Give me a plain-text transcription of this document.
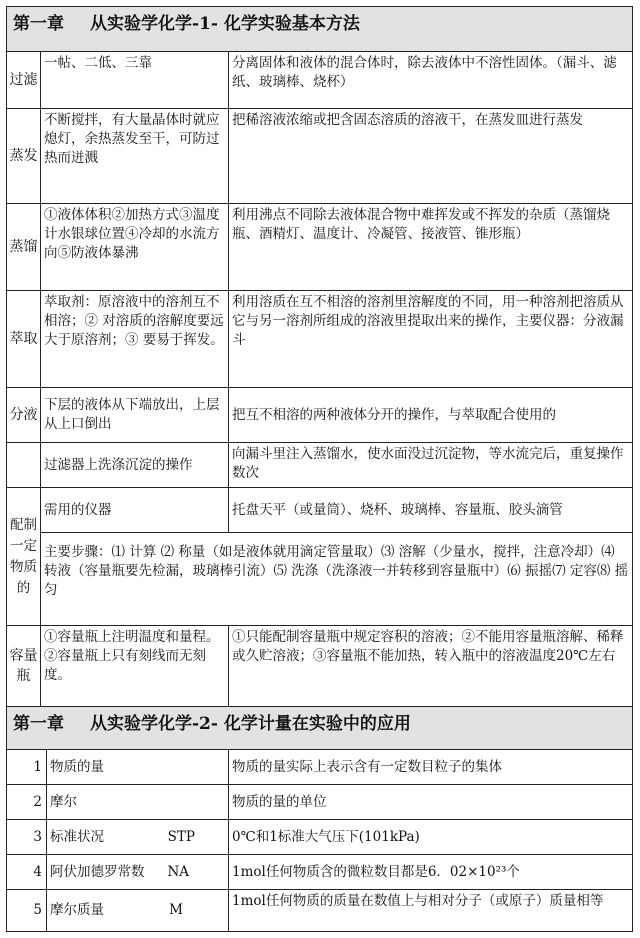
第一章 从实验学化学-1- 化学实验基本方法		
过滤	一帖、二低、三靠	分离固体和液体的混合体时，除去液体中不溶性固体。（漏斗、滤纸、玻璃棒、烧杯）
蒸发	不断搅拌，有大量晶体时就应熄灯，余热蒸发至干，可防过热而迸溅	把稀溶液浓缩或把含固态溶质的溶液干，在蒸发皿进行蒸发
蒸馏	①液体体积②加热方式③温度计水银球位置④冷却的水流方向⑤防液体暴沸	利用沸点不同除去液体混合物中难挥发或不挥发的杂质（蒸馏烧瓶、酒精灯、温度计、冷凝管、接液管、锥形瓶）
萃取	萃取剂：原溶液中的溶剂互不相溶；② 对溶质的溶解度要远大于原溶剂；③ 要易于挥发。	利用溶质在互不相溶的溶剂里溶解度的不同，用一种溶剂把溶质从它与另一溶剂所组成的溶液里提取出来的操作，主要仪器：分液漏斗
分液	下层的液体从下端放出，上层从上口倒出	把互不相溶的两种液体分开的操作，与萃取配合使用的
	过滤器上洗涤沉淀的操作	向漏斗里注入蒸馏水，使水面没过沉淀物，等水流完后，重复操作数次
配制一定物质的	需用的仪器	托盘天平（或量筒）、烧杯、玻璃棒、容量瓶、胶头滴管
	主要步骤：⑴ 计算 ⑵ 称量（如是液体就用滴定管量取）⑶ 溶解（少量水，搅拌，注意冷却）⑷ 转液（容量瓶要先检漏，玻璃棒引流）⑸ 洗涤（洗涤液一并转移到容量瓶中）⑹ 振摇⑺ 定容⑻ 摇匀	
容量瓶	①容量瓶上注明温度和量程。②容量瓶上只有刻线而无刻度。	①只能配制容量瓶中规定容积的溶液；②不能用容量瓶溶解、稀释或久贮溶液；③容量瓶不能加热，转入瓶中的溶液温度20℃左右
第一章 从实验学化学-2- 化学计量在实验中的应用		
1	物质的量	物质的量实际上表示含有一定数目粒子的集体
2	摩尔	物质的量的单位
3	标准状况 STP	0℃和1标准大气压下(101kPa)
4	阿伏加德罗常数 NA	1mol任何物质含的微粒数目都是6．02×10²³个
5	摩尔质量 M	1mol任何物质的质量在数值上与相对分子（或原子）质量相等
